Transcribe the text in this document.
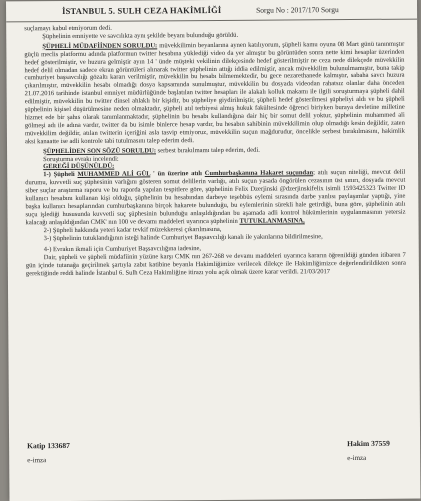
İSTANBUL 5. SULH CEZA HAKİMLİĞİ	Sorgu No : 2017/170 Sorgu

suçlamayı kabul etmiyorum dedi.

Şüphelinin emniyette ve savcılıkta aynı şekilde beyanı bulunduğu görüldü.

ŞÜPHELİ MÜDAFİİNDEN SORULDU: müvekkilimin beyanlarına aynen katılıyorum, şüpheli kamu oyuna 08 Mart günü tanınmıştır güçlü meclis platformu adında platformun twitter hesabına yüklediği video da yer almıştır bu görüntüden sonra nette kimi hesaplar üzerinden hedef gösterilmiştir, ve huzura gelmiştir ayın 14 ' ünde müşteki vekilinin dilekçesinde hedef gösterilmiştir ne ceza nede dilekçede müvekkilin hedef delil olmadan sadece ekran görüntüleri alınarak twitter şüphelinin attığı iddia edilmiştir, ancak müvekkilim bulunulmamıştır, buna takip cumhuriyet başsavcılığı gözaltı kararı verilmiştir, müvekkilin bu hesabı bilmemektedir, bu gece nezarethanede kalmıştır, sabaha savcı huzura çıkarılmıştır, müvekkilin hesabı olmadığı dosya kapsamında sunulmuştur, müvekkilin bu dosyada videodan rahatsız olanlar daha önceden 21.07.2016 tarihinde istanbul emniyet müdürlüğünde başlatılan twitter hesapları ile alakalı kolluk makamı ile ilgili soruşturmaya şüpheli dahil edilmiştir, müvekkilin bu twitter dinsel ahlaklı bir kişidir, bu şüpheliye giydirilmiştir, şüpheli hedef gösterilmesi şüpheliyi aldı ve bu şüpheli şüphelinin kişisel düşürülmesine neden olmaktadır, şüpheli atıl terbiyesi almış hukuk fakültesinde öğrenci biriyken buraya devletine milletine hizmet ede bir şahıs olarak tanımlanmaktadır, şüphelinin bu hesabı kullandığına dair hiç bir somut delil yoktur, şüphelinin muhammed ali gölmeşi adı ile adına vardır, twitter da bu isimle binlerce hesap vardır, bu hesabın sahibinin müvekkilimin olup olmadığı kesin değildir, zaten müvekkilim değildir, atılan twitterin içeriğini asla tasvip etmiyoruz, müvekkilin suçun mağdurudur, öncelikle serbest bırakılmasını, hakimlik aksi kanaatte ise adli kontrole tabi tutulmasını talep ederim dedi.

ŞÜPHELİDEN SON SÖZÜ SORULDU: serbest bırakılmamı talep ederim, dedi.

Soruşturma evrakı incelendi:

GEREĞİ DÜŞÜNÜLDÜ:

1-) Şüpheli MUHAMMED ALİ GÜL ' ün üzerine atılı Cumhurbaşkanına Hakaret suçundan; atılı suçun niteliği, mevcut delil durumu, kuvvetli suç şüphesinin varlığını gösteren somut delillerin varlığı, atılı suçun yasada öngörülen cezasının üst sınırı, dosyada mevcut siber suçlar araştırma raporu ve bu raporda yapılan tespitlere göre, şüphelinin Felix Dzerjinski @dzerjinskifelix isimli 1593425323 Twitter ID kullanıcı hesabını kullanan kişi olduğu, şüphelinin bu hesabından darbeye teşebbüs eylemi sırasında darbe yanlısı paylaşımlar yaptığı, yine başka kullanıcı hesaplarından cumhurbaşkanına birçok hakarete bulunduğu, bu eylemlerinin sürekli hale getirdiği, buna göre, şüphelinin atılı suçu işlediği hususunda kuvvetli suç şüphesinin bulunduğu anlaşıldığından bu aşamada adli kontrol hükümlerinin uygulanmasının yetersiz kalacağı anlaşıldığından CMK' nın 100 ve devamı maddeleri uyarınca şüphelinin TUTUKLANMASINA,

2-) Şüpheli hakkında yeteri kadar tevkif müzekkeresi çıkarılmasına,

3-) Şüphelinin tutuklandığının isteği halinde Cumhuriyet Başsavcılığı kanalı ile yakınlarına bildirilmesine,

4-) Evrakın ikmali için Cumhuriyet Başsavcılığına iadesine,

Dair, şüpheli ve şüpheli müdafiinin yüzüne karşı CMK nın 267-268 ve devamı maddeleri uyarınca kararın öğrenildiği günden itibaren 7 gün içinde tutanağa geçirilmek şartıyla zabıt katibine beyanla Hakimliğimize verilecek dilekçe ile Hakimliğimizce değerlendirildikten sonra gerektiğinde reddi halinde İstanbul 6. Sulh Ceza Hakimliğine itirazı yolu açık olmak üzere karar verildi. 21/03/2017

Katip 133687
e-imza
Hakim 37559
e-imza
